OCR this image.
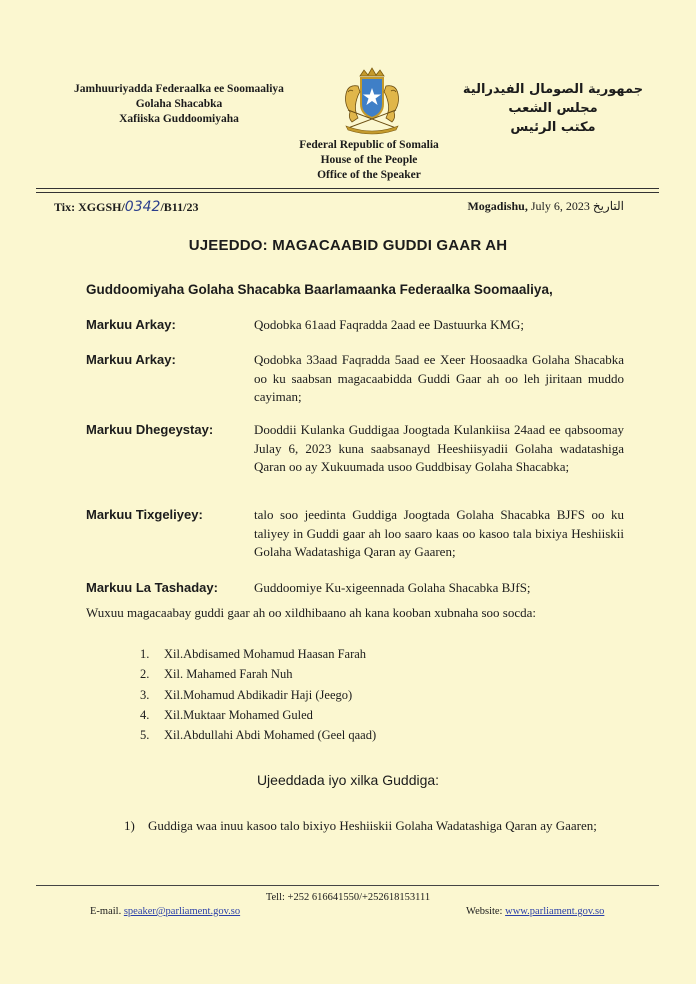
Jamhuuriyadda Federaalka ee Soomaaliya
Golaha Shacabka
Xafiiska Guddoomiyaha
جمهورية الصومال الفيدرالية
مجلس الشعب
مكتب الرئيس
Federal Republic of Somalia
House of the People
Office of the Speaker
Tix: XGGSH/0342/B11/23	Mogadishu, July 6, 2023 التاريخ
UJEEDDO: MAGACAABID GUDDI GAAR AH
Guddoomiyaha Golaha Shacabka Baarlamaanka Federaalka Soomaaliya,
Markuu Arkay:	Qodobka 61aad Faqradda 2aad ee Dastuurka KMG;
Markuu Arkay:	Qodobka 33aad Faqradda 5aad ee Xeer Hoosaadka Golaha Shacabka oo ku saabsan magacaabidda Guddi Gaar ah oo leh jiritaan muddo cayiman;
Markuu Dhegeystay:	Dooddii Kulanka Guddigaa Joogtada Kulankiisa 24aad ee qabsoomay Julay 6, 2023 kuna saabsanayd Heeshiisyadii Golaha wadatashiga Qaran oo ay Xukuumada usoo Guddbisay Golaha Shacabka;
Markuu Tixgeliyey:	talo soo jeedinta Guddiga Joogtada Golaha Shacabka BJFS oo ku taliyey in Guddi gaar ah loo saaro kaas oo kasoo tala bixiya Heshiiskii Golaha Wadatashiga Qaran ay Gaaren;
Markuu La Tashaday:	Guddoomiye Ku-xigeennada Golaha Shacabka BJfS;
Wuxuu magacaabay guddi gaar ah oo xildhibaano ah kana kooban xubnaha soo socda:
1.	Xil.Abdisamed Mohamud Haasan Farah
2.	Xil. Mahamed Farah Nuh
3.	Xil.Mohamud Abdikadir Haji (Jeego)
4.	Xil.Muktaar Mohamed Guled
5.	Xil.Abdullahi Abdi Mohamed (Geel qaad)
Ujeeddada iyo xilka Guddiga:
1)	Guddiga waa inuu kasoo talo bixiyo Heshiiskii Golaha Wadatashiga Qaran ay Gaaren;
Tell: +252 616641550/+252618153111
E-mail. speaker@parliament.gov.so	Website: www.parliament.gov.so
